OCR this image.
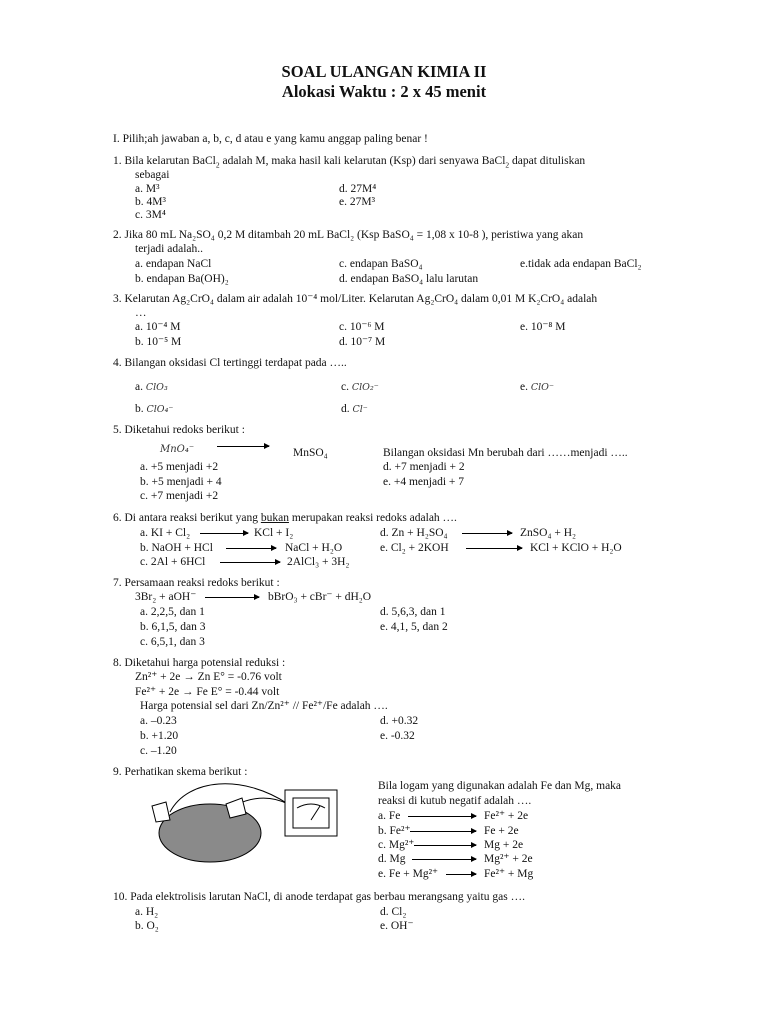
SOAL ULANGAN KIMIA II
Alokasi Waktu : 2 x 45 menit
I. Pilih;ah jawaban a, b, c, d atau e yang kamu anggap paling benar !
1. Bila kelarutan BaCl$_2$ adalah M, maka hasil kali kelarutan (Ksp) dari senyawa BaCl$_2$ dapat dituliskan
sebagai
a. M³
b. 4M³
c. 3M⁴
d. 27M⁴
e. 27M³
2. Jika 80 mL Na₂SO₄ 0,2 M ditambah 20 mL BaCl₂ (Ksp BaSO₄ = 1,08 x 10-8 ), peristiwa yang akan
terjadi adalah..
a. endapan NaCl
b. endapan Ba(OH)₂
c. endapan BaSO₄
d. endapan BaSO₄ lalu larutan
e.tidak ada endapan BaCl₂
3. Kelarutan Ag₂CrO₄ dalam air adalah 10⁻⁴ mol/Liter. Kelarutan Ag₂CrO₄ dalam 0,01 M K₂CrO₄ adalah
…
a. 10⁻⁴ M
b. 10⁻⁵ M
c. 10⁻⁶ M
d. 10⁻⁷ M
e. 10⁻⁸ M
4. Bilangan oksidasi Cl tertinggi terdapat pada …..
a. ClO₃
b. ClO₄⁻
c. ClO₂⁻
d. Cl⁻
e. ClO⁻
5. Diketahui redoks berikut :
MnO₄⁻	MnSO₄	Bilangan oksidasi Mn berubah dari ……menjadi …..
a. +5 menjadi +2
b. +5 menjadi + 4
c. +7 menjadi +2
d. +7 menjadi + 2
e. +4 menjadi + 7
6. Di antara reaksi berikut yang bukan merupakan reaksi redoks adalah ….
a. KI + Cl₂	KCl + I₂
b. NaOH + HCl	NaCl + H₂O
c. 2Al + 6HCl	2AlCl₃ + 3H₂
d. Zn + H₂SO₄	ZnSO₄ + H₂
e. Cl₂ + 2KOH	KCl + KClO + H₂O
7. Persamaan reaksi redoks berikut :
3Br₂ + aOH⁻	bBrO₃ + cBr⁻ + dH₂O
a. 2,2,5, dan 1
b. 6,1,5, dan 3
c. 6,5,1, dan 3
d. 5,6,3, dan 1
e. 4,1, 5, dan 2
8. Diketahui harga potensial reduksi :
Zn²⁺ + 2e → Zn E° = -0.76 volt
Fe²⁺ + 2e → Fe E° = -0.44 volt
Harga potensial sel dari Zn/Zn²⁺ // Fe²⁺/Fe adalah ….
a. –0.23
b. +1.20
c. –1.20
d. +0.32
e. -0.32
9. Perhatikan skema berikut :
Bila logam yang digunakan adalah Fe dan Mg, maka
reaksi di kutub negatif adalah ….
a. Fe	Fe²⁺ + 2e
b. Fe²⁺	Fe + 2e
c. Mg²⁺	Mg + 2e
d. Mg	Mg²⁺ + 2e
e. Fe + Mg²⁺	Fe²⁺ + Mg
10. Pada elektrolisis larutan NaCl, di anode terdapat gas berbau merangsang yaitu gas ….
a. H₂
b. O₂
d. Cl₂
e. OH⁻
